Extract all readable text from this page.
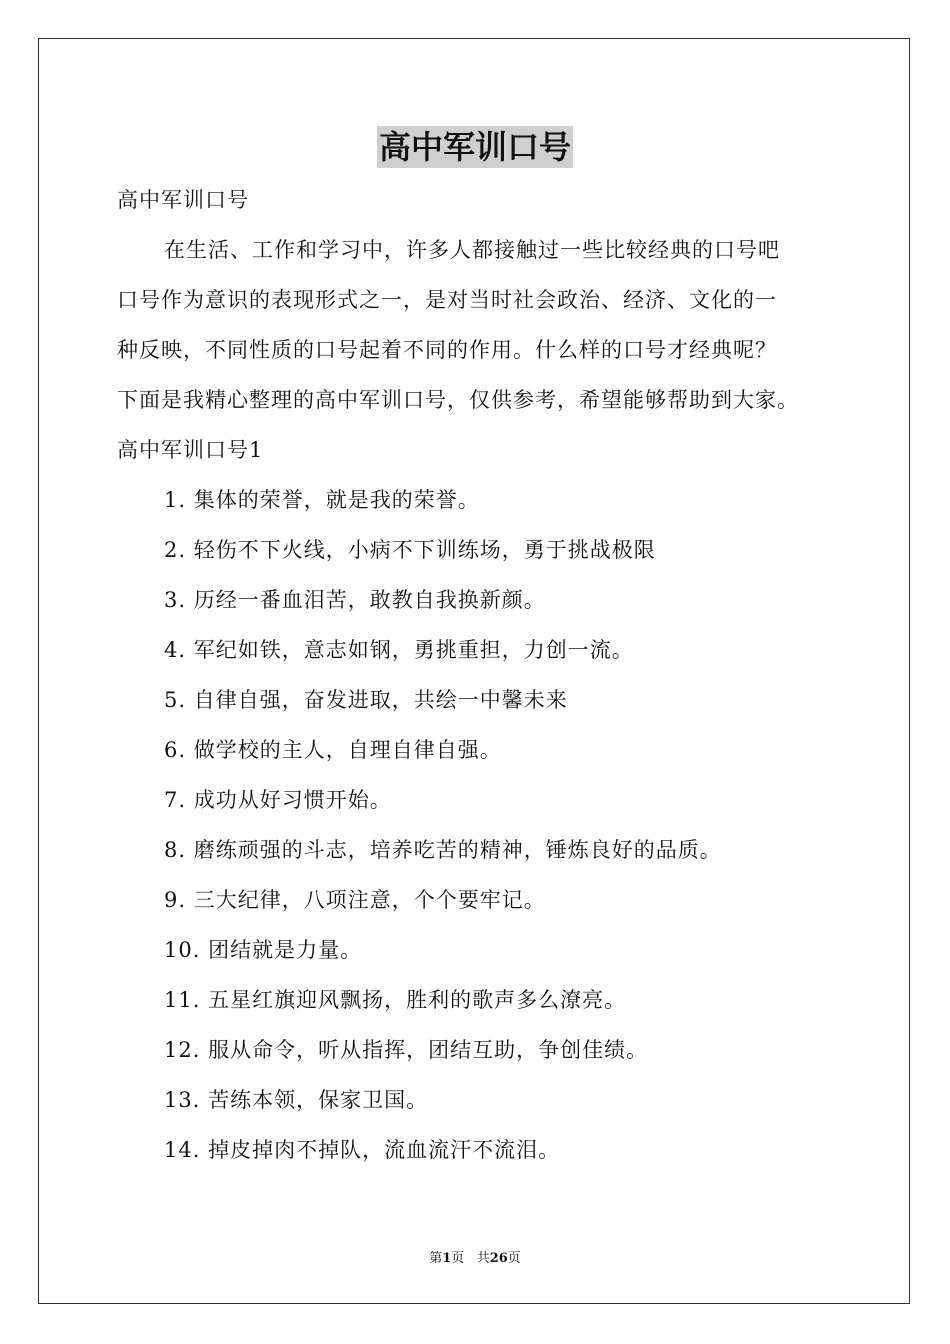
高中军训口号

高中军训口号

在生活、工作和学习中，许多人都接触过一些比较经典的口号吧

口号作为意识的表现形式之一，是对当时社会政治、经济、文化的一

种反映，不同性质的口号起着不同的作用。什么样的口号才经典呢？

下面是我精心整理的高中军训口号，仅供参考，希望能够帮助到大家。

高中军训口号1

1. 集体的荣誉，就是我的荣誉。

2. 轻伤不下火线，小病不下训练场，勇于挑战极限

3. 历经一番血泪苦，敢教自我换新颜。

4. 军纪如铁，意志如钢，勇挑重担，力创一流。

5. 自律自强，奋发进取，共绘一中馨未来

6. 做学校的主人，自理自律自强。

7. 成功从好习惯开始。

8. 磨练顽强的斗志，培养吃苦的精神，锤炼良好的品质。

9. 三大纪律，八项注意，个个要牢记。

10. 团结就是力量。

11. 五星红旗迎风飘扬，胜利的歌声多么潦亮。

12. 服从命令，听从指挥，团结互助，争创佳绩。

13. 苦练本领，保家卫国。

14. 掉皮掉肉不掉队，流血流汗不流泪。

第1页 共26页
